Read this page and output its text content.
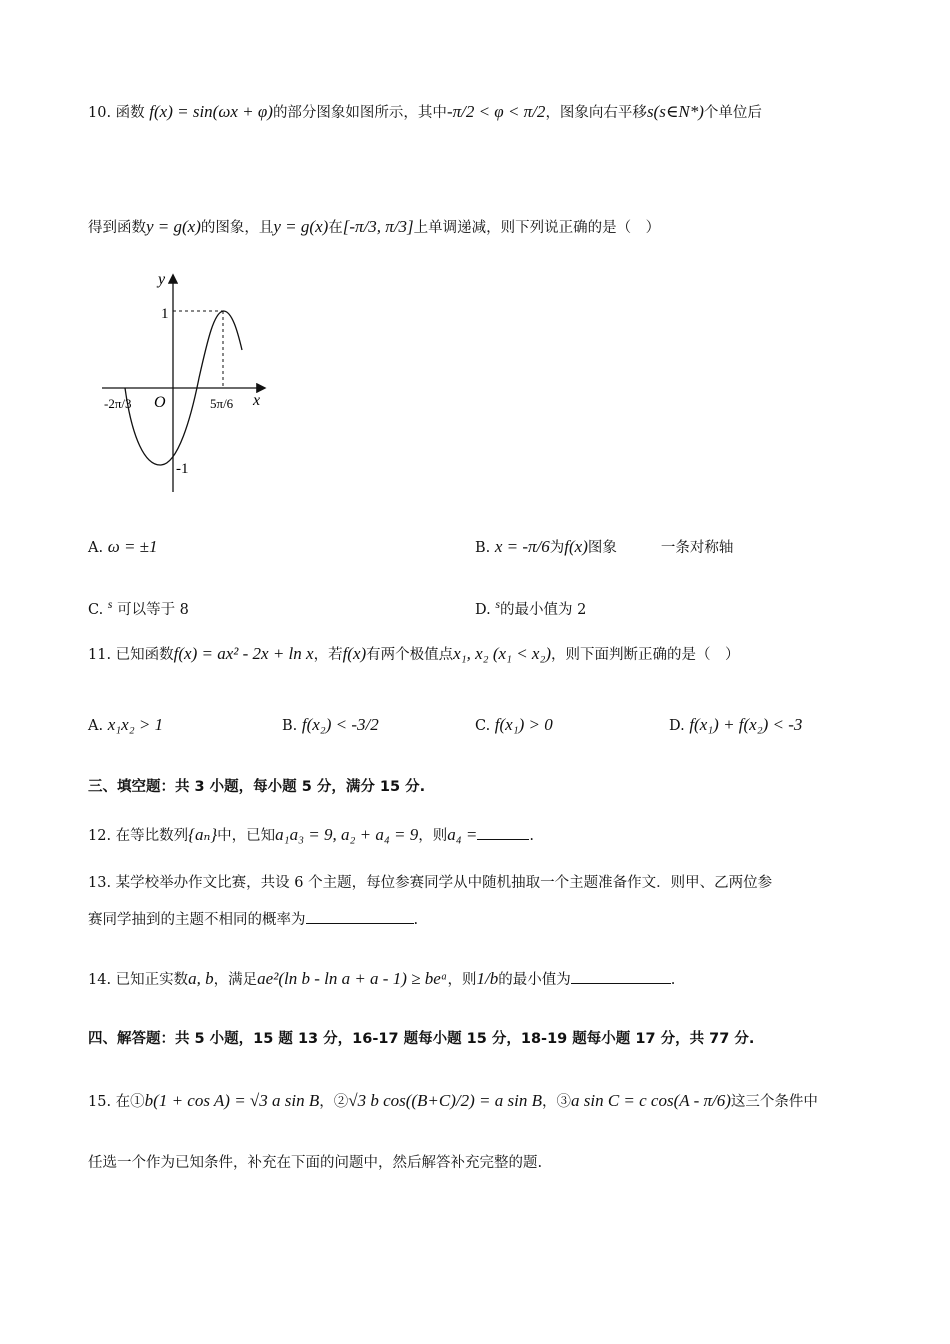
10. 函数 f(x) = sin(ωx + φ)的部分图象如图所示，其中-π/2 < φ < π/2，图象向右平移s(s∈N*)个单位后
得到函数y = g(x)的图象，且y = g(x)在[-π/3, π/3]上单调递减，则下列说正确的是（　）
y
x
O
1
-1
-2π/3	5π/6
A. ω = ±1	B. x = -π/6为f(x)图象	一条对称轴
C. $^s$ 可以等于 8	D. $^s$的最小值为 2
11. 已知函数f(x) = ax² - 2x + ln x，若f(x)有两个极值点x₁, x₂ (x₁ < x₂)，则下面判断正确的是（　）
A. x₁x₂ > 1	B. f(x₂) < -3/2	C. f(x₁) > 0	D. f(x₁) + f(x₂) < -3
三、填空题：共 3 小题，每小题 5 分，满分 15 分.
12. 在等比数列{aₙ}中，已知a₁a₃ = 9, a₂ + a₄ = 9，则a₄ =	.
13. 某学校举办作文比赛，共设 6 个主题，每位参赛同学从中随机抽取一个主题准备作文．则甲、乙两位参
赛同学抽到的主题不相同的概率为	.
14. 已知正实数a, b，满足ae²(ln b - ln a + a - 1) ≥ beᵃ，则1/b的最小值为	.
四、解答题：共 5 小题，15 题 13 分，16-17 题每小题 15 分，18-19 题每小题 17 分，共 77 分.
15. 在①b(1 + cos A) = √3 a sin B，②√3 b cos((B+C)/2) = a sin B，③a sin C = c cos(A - π/6)这三个条件中
任选一个作为已知条件，补充在下面的问题中，然后解答补充完整的题.
